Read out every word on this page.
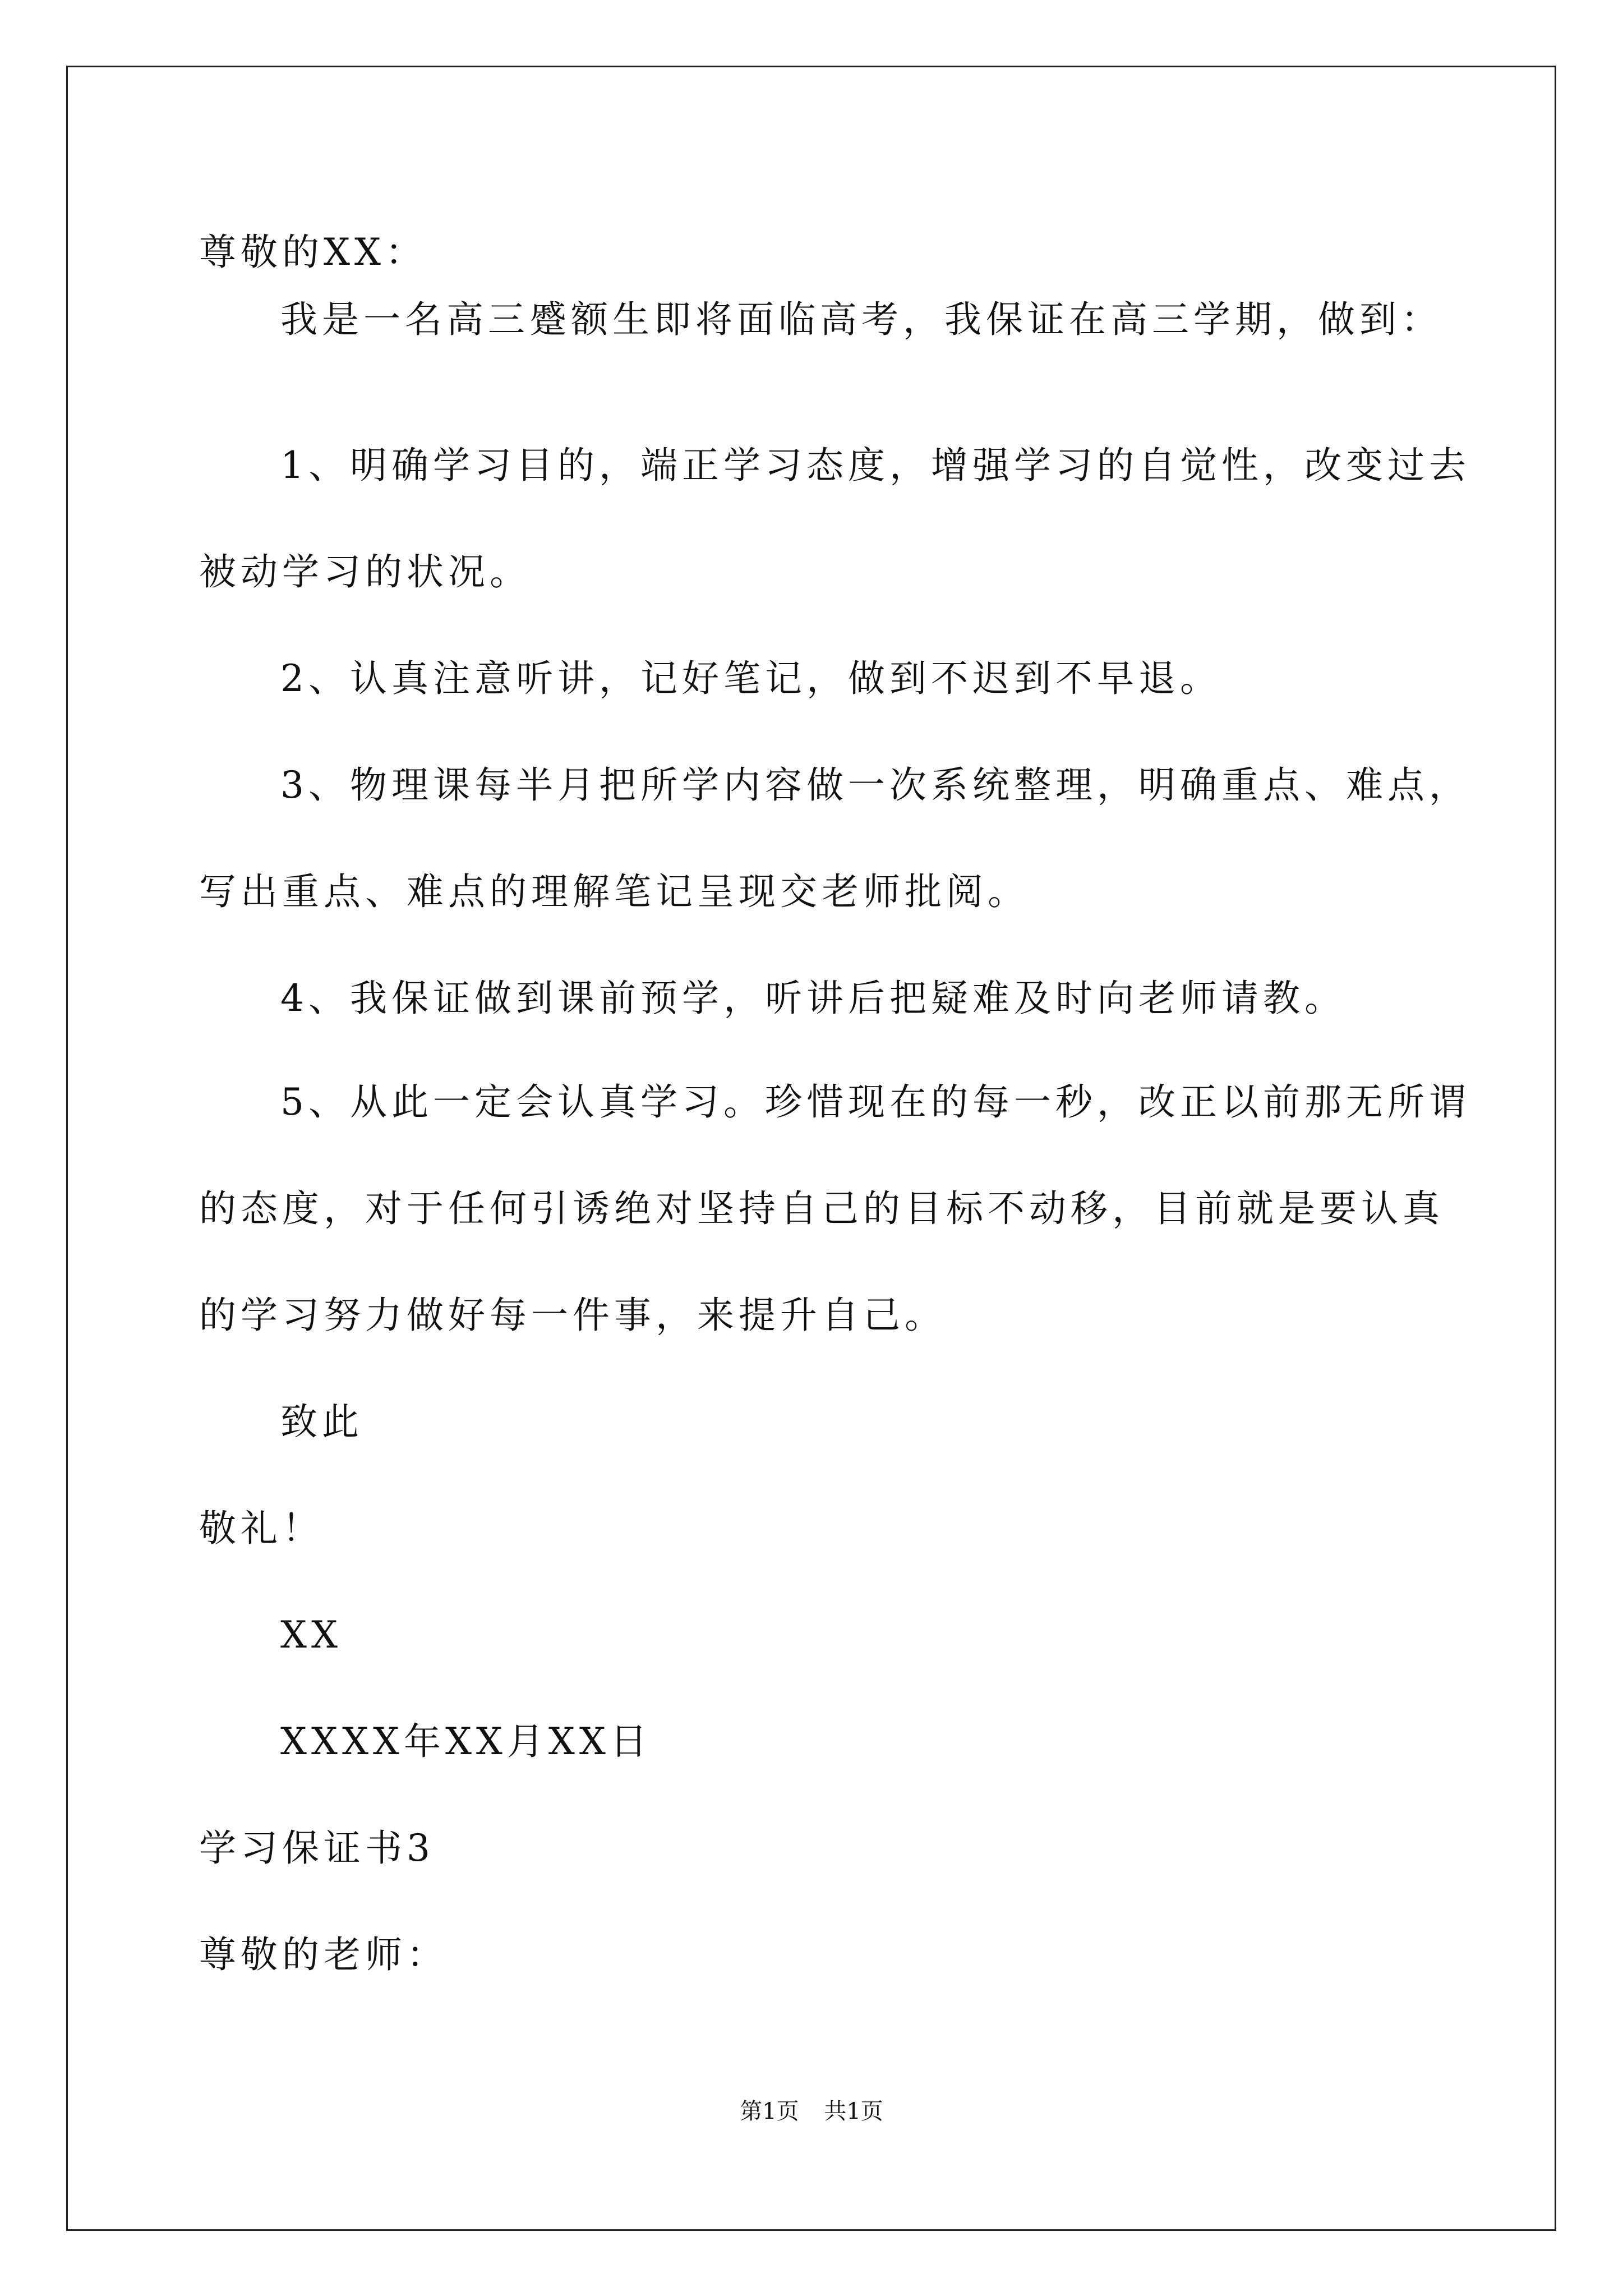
尊敬的XX：
我是一名高三蹙额生即将面临高考，我保证在高三学期，做到：
1、明确学习目的，端正学习态度，增强学习的自觉性，改变过去
被动学习的状况。
2、认真注意听讲，记好笔记，做到不迟到不早退。
3、物理课每半月把所学内容做一次系统整理，明确重点、难点，
写出重点、难点的理解笔记呈现交老师批阅。
4、我保证做到课前预学，听讲后把疑难及时向老师请教。
5、从此一定会认真学习。珍惜现在的每一秒，改正以前那无所谓
的态度，对于任何引诱绝对坚持自己的目标不动移，目前就是要认真
的学习努力做好每一件事，来提升自己。
致此
敬礼！
XX
XXXX年XX月XX日
学习保证书3
尊敬的老师：
第1页 共1页
